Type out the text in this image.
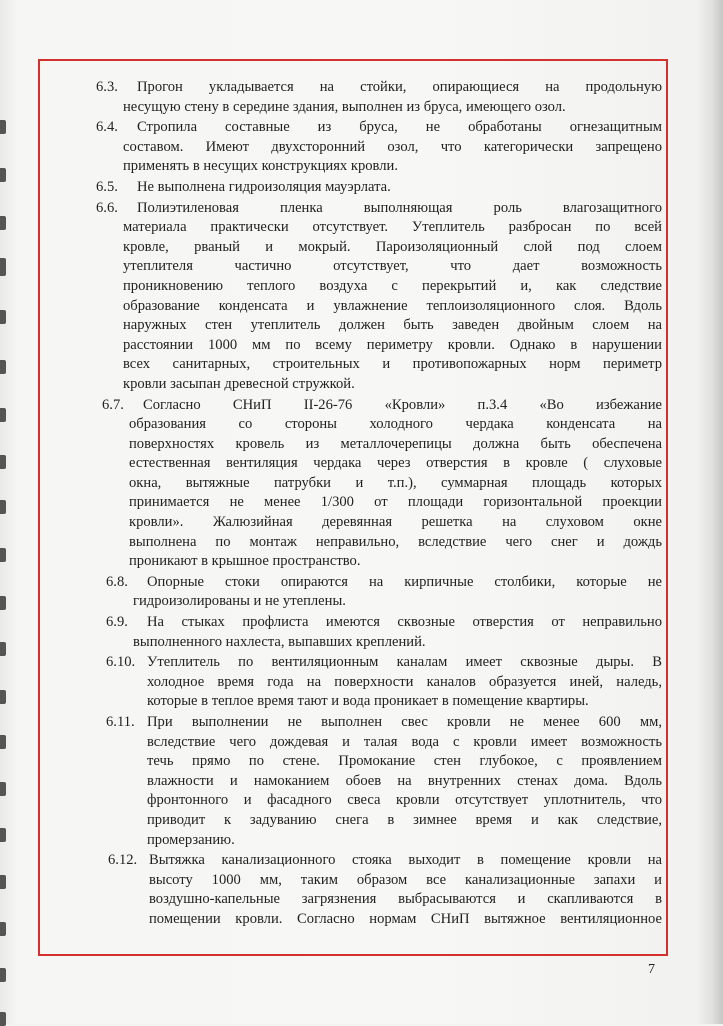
6.3.	Прогон укладывается на стойки, опирающиеся на продольную
несущую стену в середине здания, выполнен из бруса, имеющего озол.
6.4.	Стропила составные из бруса, не обработаны огнезащитным
составом. Имеют двухсторонний озол, что категорически запрещено
применять в несущих конструкциях кровли.
6.5. Не выполнена гидроизоляция мауэрлата.
6.6.	Полиэтиленовая пленка выполняющая роль влагозащитного
материала практически отсутствует. Утеплитель разбросан по всей
кровле, рваный и мокрый. Пароизоляционный слой под слоем
утеплителя частично отсутствует, что дает возможность
проникновению теплого воздуха с перекрытий и, как следствие
образование конденсата и увлажнение теплоизоляционного слоя. Вдоль
наружных стен утеплитель должен быть заведен двойным слоем на
расстоянии 1000 мм по всему периметру кровли. Однако в нарушении
всех санитарных, строительных и противопожарных норм периметр
кровли засыпан древесной стружкой.
6.7.	Согласно СНиП II-26-76 «Кровли» п.3.4 «Во избежание
образования со стороны холодного чердака конденсата на
поверхностях кровель из металлочерепицы должна быть обеспечена
естественная вентиляция чердака через отверстия в кровле ( слуховые
окна, вытяжные патрубки и т.п.), суммарная площадь которых
принимается не менее 1/300 от площади горизонтальной проекции
кровли». Жалюзийная деревянная решетка на слуховом окне
выполнена по монтаж неправильно, вследствие чего снег и дождь
проникают в крышное пространство.
6.8. Опорные стоки опираются на кирпичные столбики, которые не
гидроизолированы и не утеплены.
6.9. На стыках профлиста имеются сквозные отверстия от неправильно
выполненного нахлеста, выпавших креплений.
6.10. Утеплитель по вентиляционным каналам имеет сквозные дыры. В
холодное время года на поверхности каналов образуется иней, наледь,
которые в теплое время тают и вода проникает в помещение квартиры.
6.11. При выполнении не выполнен свес кровли не менее 600 мм,
вследствие чего дождевая и талая вода с кровли имеет возможность
течь прямо по стене. Промокание стен глубокое, с проявлением
влажности и намоканием обоев на внутренних стенах дома. Вдоль
фронтонного и фасадного свеса кровли отсутствует уплотнитель, что
приводит к задуванию снега в зимнее время и как следствие,
промерзанию.
6.12. Вытяжка канализационного стояка выходит в помещение кровли на
высоту 1000 мм, таким образом все канализационные запахи и
воздушно-капельные загрязнения выбрасываются и скапливаются в
помещении кровли. Согласно нормам СНиП вытяжное вентиляционное
7
